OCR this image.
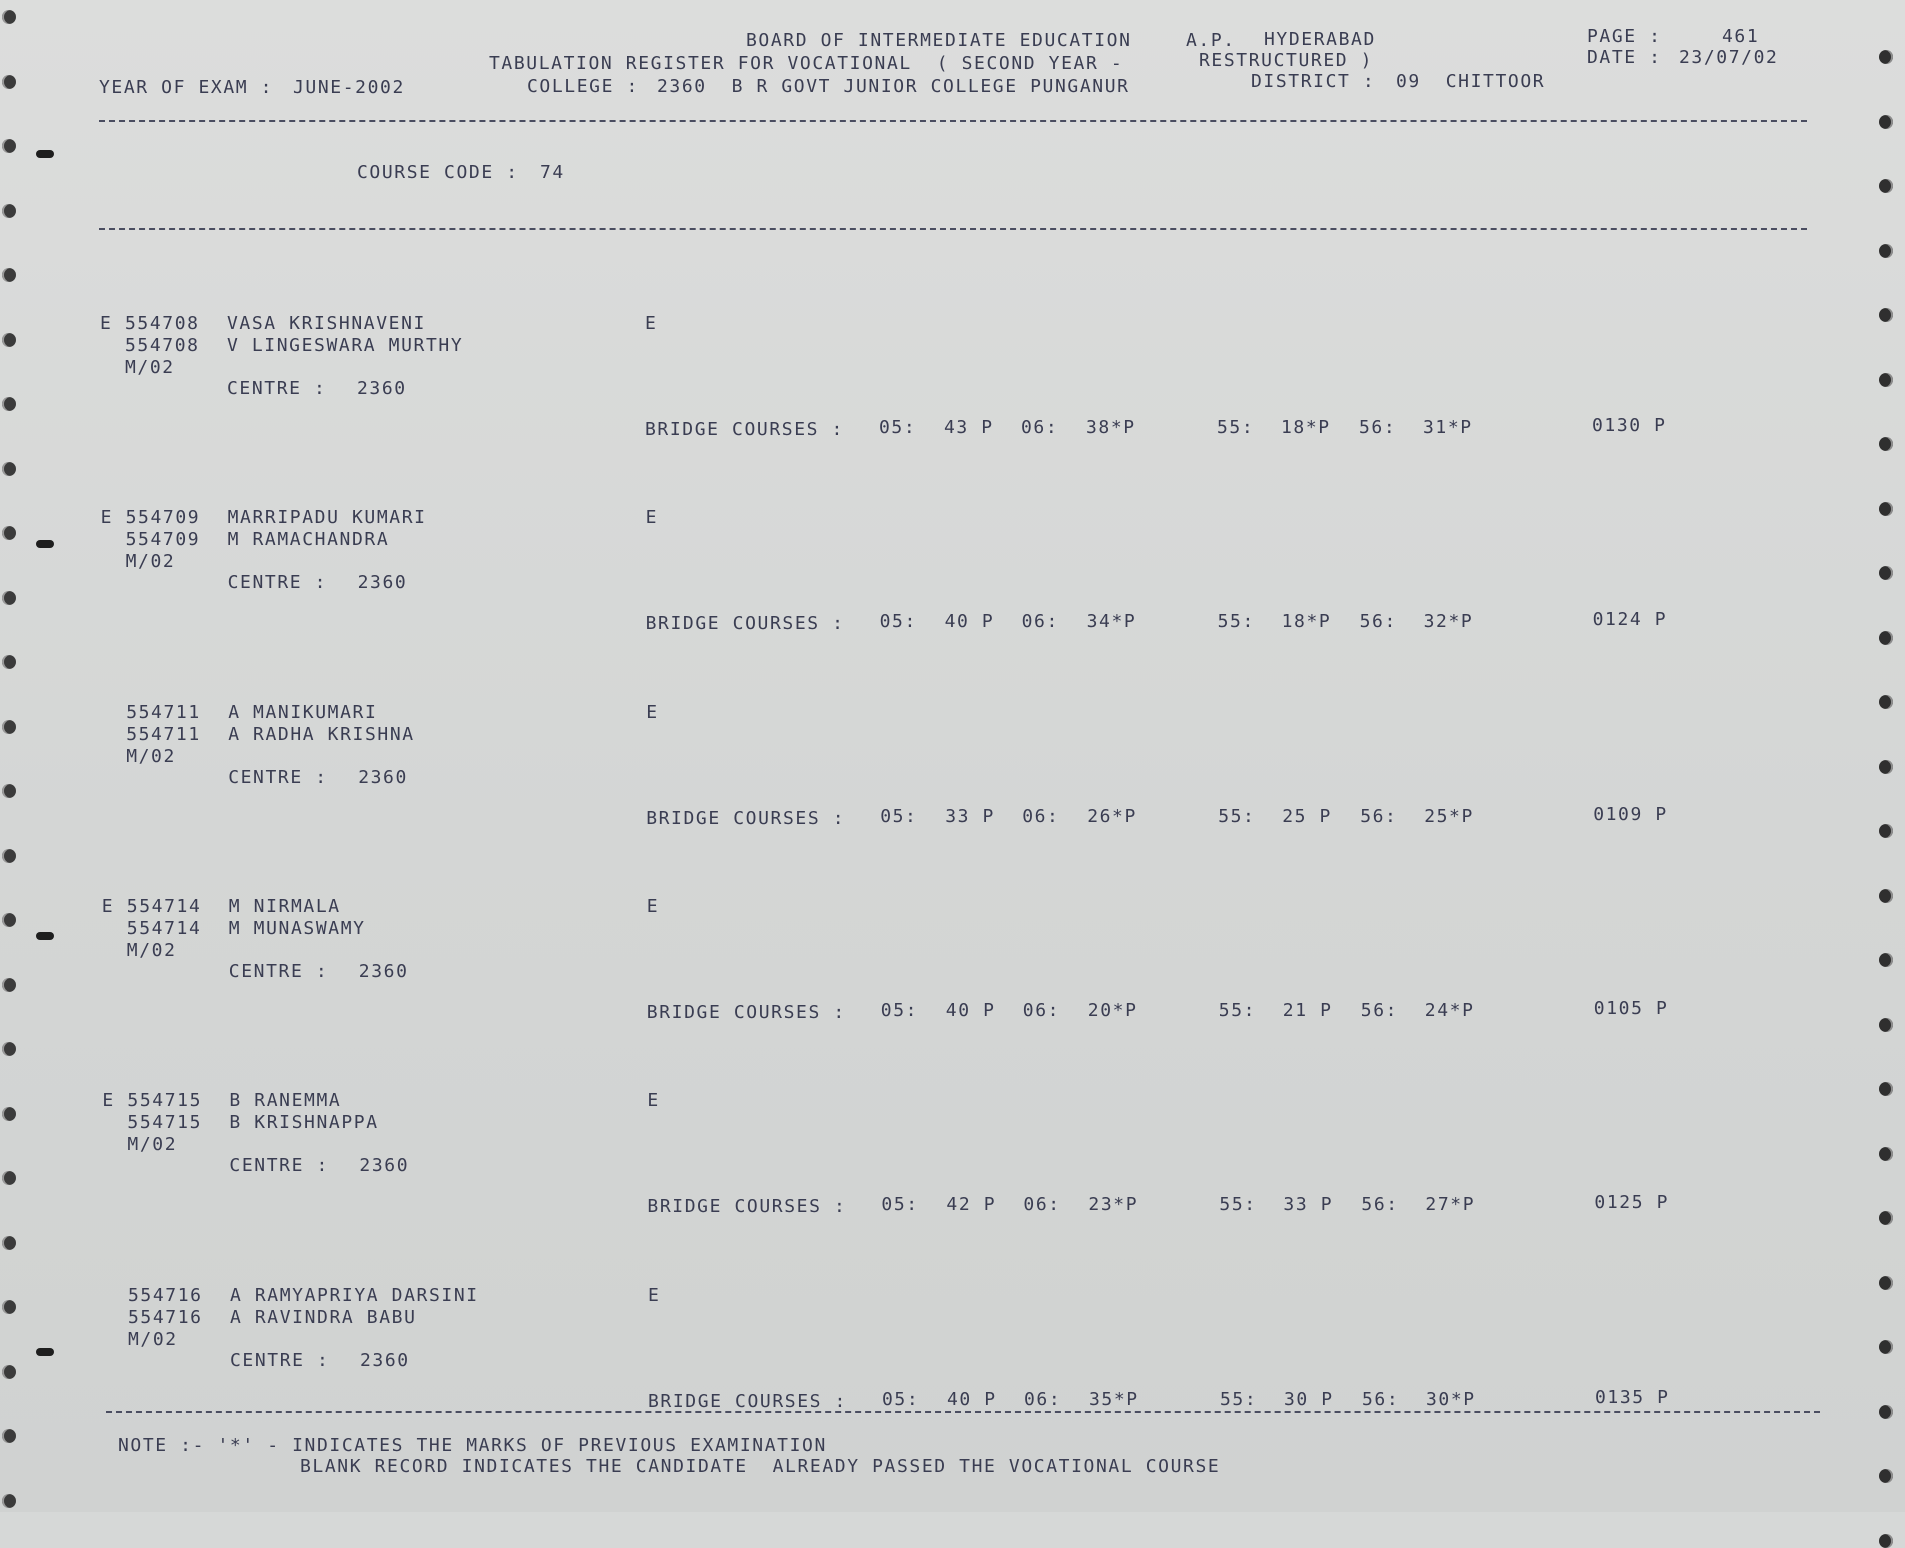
BOARD OF INTERMEDIATE EDUCATION	A.P. HYDERABAD	PAGE :	461
TABULATION REGISTER FOR VOCATIONAL  ( SECOND YEAR -	RESTRUCTURED )	DATE : 23/07/02
YEAR OF EXAM : JUNE-2002	COLLEGE : 2360  B R GOVT JUNIOR COLLEGE PUNGANUR	DISTRICT : 09  CHITTOOR
COURSE CODE : 74
E 554708 VASA KRISHNAVENI
554708 V LINGESWARA MURTHY
M/02
CENTRE : 2360
E
BRIDGE COURSES : 05: 43 P 06: 38*P	55: 18*P 56: 31*P	0130 P
E 554709 MARRIPADU KUMARI
554709 M RAMACHANDRA
M/02
CENTRE : 2360
E
BRIDGE COURSES : 05: 40 P 06: 34*P	55: 18*P 56: 32*P	0124 P
554711 A MANIKUMARI
554711 A RADHA KRISHNA
M/02
CENTRE : 2360
E
BRIDGE COURSES : 05: 33 P 06: 26*P	55: 25 P 56: 25*P	0109 P
E 554714 M NIRMALA
554714 M MUNASWAMY
M/02
CENTRE : 2360
E
BRIDGE COURSES : 05: 40 P 06: 20*P	55: 21 P 56: 24*P	0105 P
E 554715 B RANEMMA
554715 B KRISHNAPPA
M/02
CENTRE : 2360
E
BRIDGE COURSES : 05: 42 P 06: 23*P	55: 33 P 56: 27*P	0125 P
554716 A RAMYAPRIYA DARSINI
554716 A RAVINDRA BABU
M/02
CENTRE : 2360
E
BRIDGE COURSES : 05: 40 P 06: 35*P	55: 30 P 56: 30*P	0135 P
NOTE :- '*' - INDICATES THE MARKS OF PREVIOUS EXAMINATION
BLANK RECORD INDICATES THE CANDIDATE  ALREADY PASSED THE VOCATIONAL COURSE
